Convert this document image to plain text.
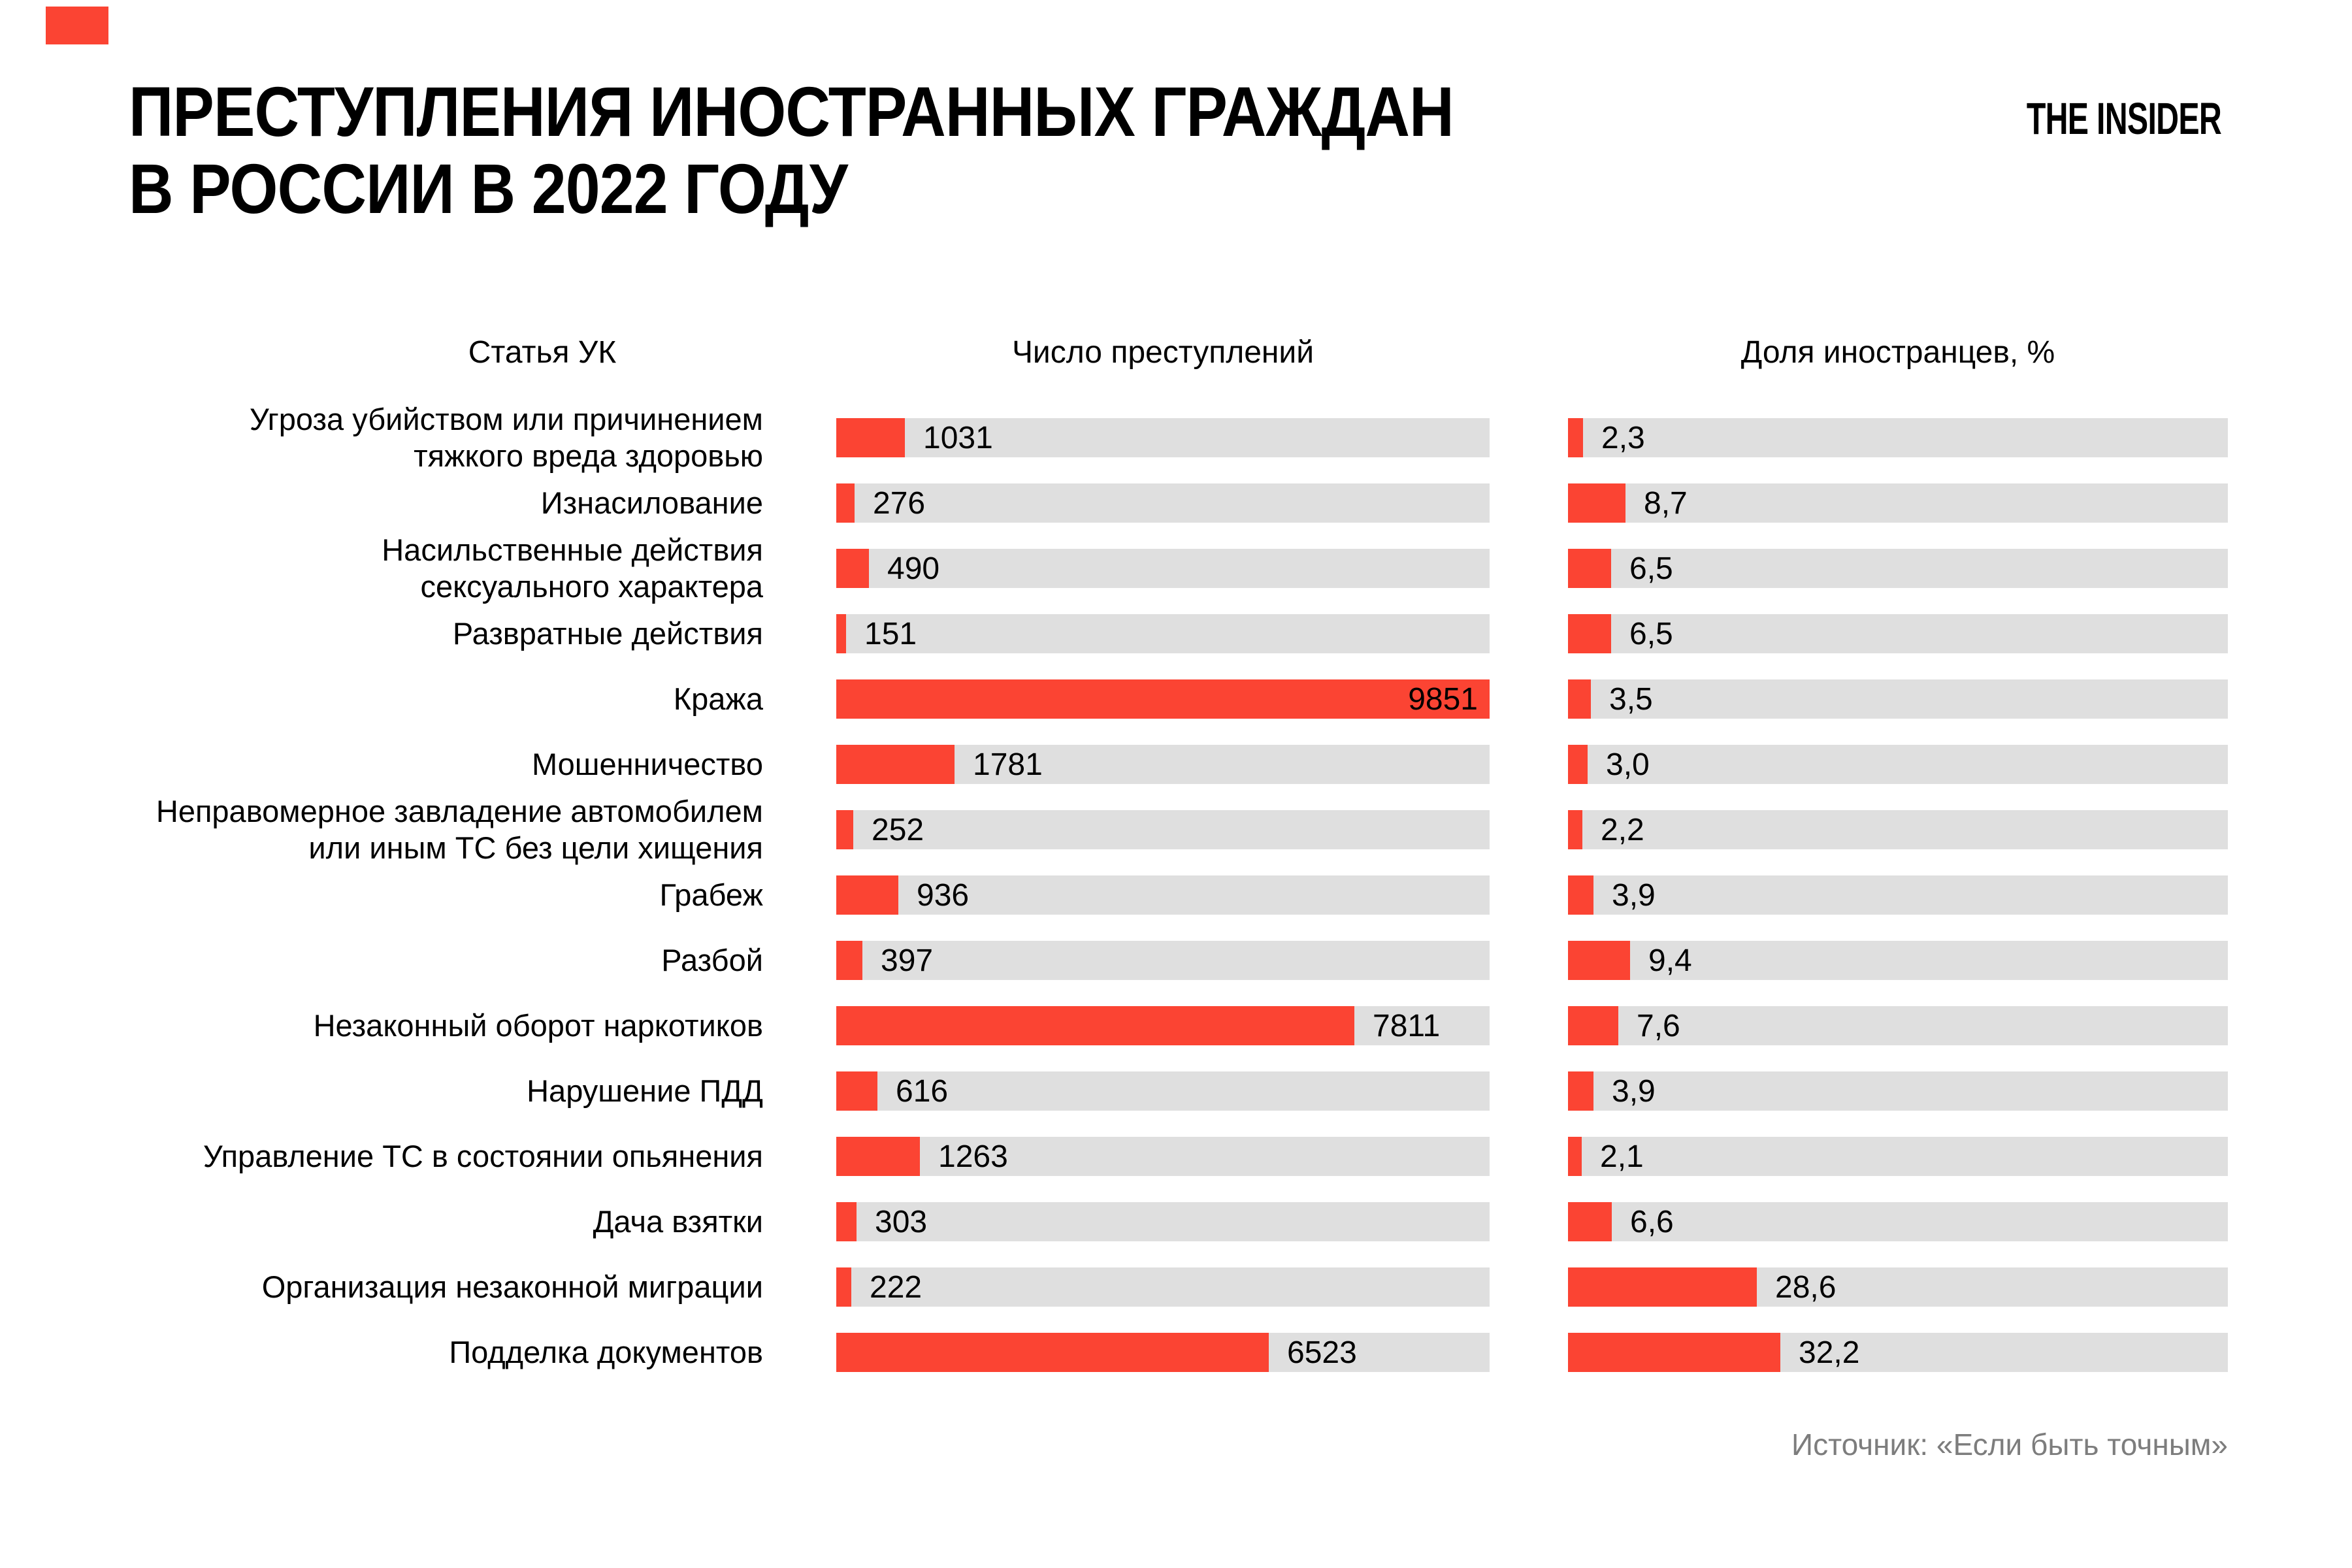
ПРЕСТУПЛЕНИЯ ИНОСТРАННЫХ ГРАЖДАН
В РОССИИ В 2022 ГОДУ
THE INSIDER
Статья УК	Число преступлений	Доля иностранцев, %
Угроза убийством или причинением
тяжкого вреда здоровью
1031	2,3
Изнасилование	276	8,7
Насильственные действия
сексуального характера
490	6,5
Развратные действия	151	6,5
Кража	9851	3,5
Мошенничество	1781	3,0
Неправомерное завладение автомобилем
или иным ТС без цели хищения
252	2,2
Грабеж	936	3,9
Разбой	397	9,4
Незаконный оборот наркотиков	7811	7,6
Нарушение ПДД	616	3,9
Управление ТС в состоянии опьянения	1263	2,1
Дача взятки	303	6,6
Организация незаконной миграции	222	28,6
Подделка документов	6523	32,2
Источник: «Если быть точным»
